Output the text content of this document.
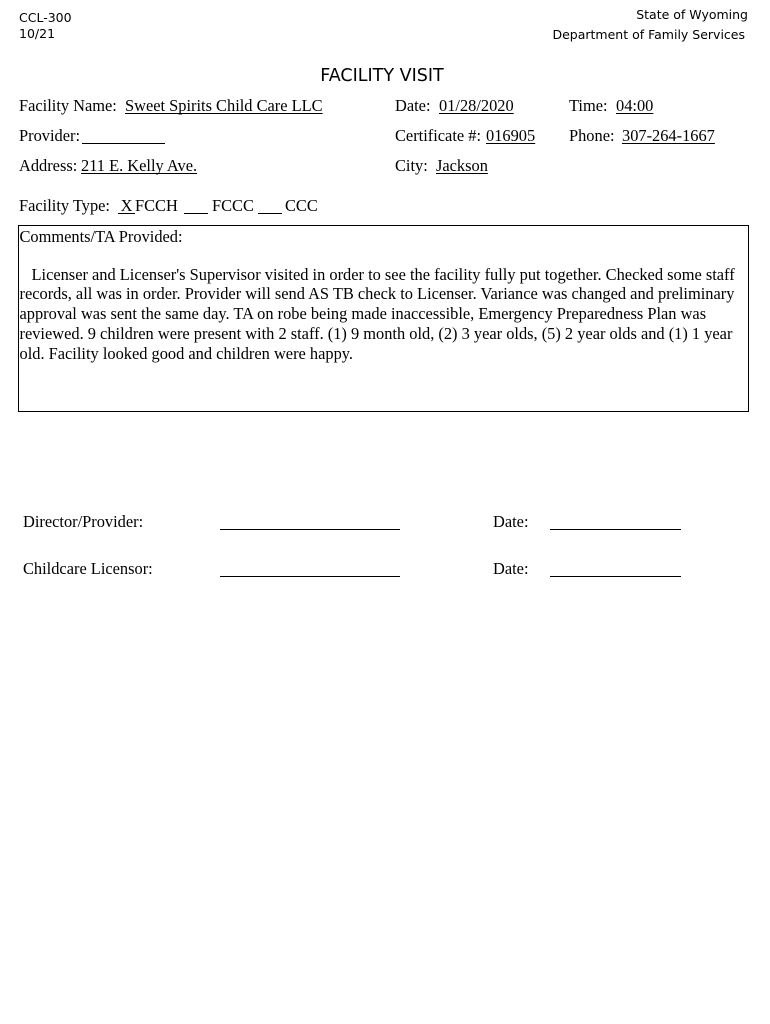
CCL-300
10/21
State of Wyoming
Department of Family Services
FACILITY VISIT
Facility Name: Sweet Spirits Child Care LLC	Date: 01/28/2020	Time: 04:00
Provider:	Certificate #: 016905 Phone: 307-264-1667
Address: 211 E. Kelly Ave.	City: Jackson
Facility Type: X FCCH FCCC CCC
Comments/TA Provided:
Licenser and Licenser's Supervisor visited in order to see the facility fully put together. Checked some staff
records, all was in order. Provider will send AS TB check to Licenser. Variance was changed and preliminary
approval was sent the same day. TA on robe being made inaccessible, Emergency Preparedness Plan was
reviewed. 9 children were present with 2 staff. (1) 9 month old, (2) 3 year olds, (5) 2 year olds and (1) 1 year
old. Facility looked good and children were happy.
Director/Provider:	Date:
Childcare Licensor:	Date:
